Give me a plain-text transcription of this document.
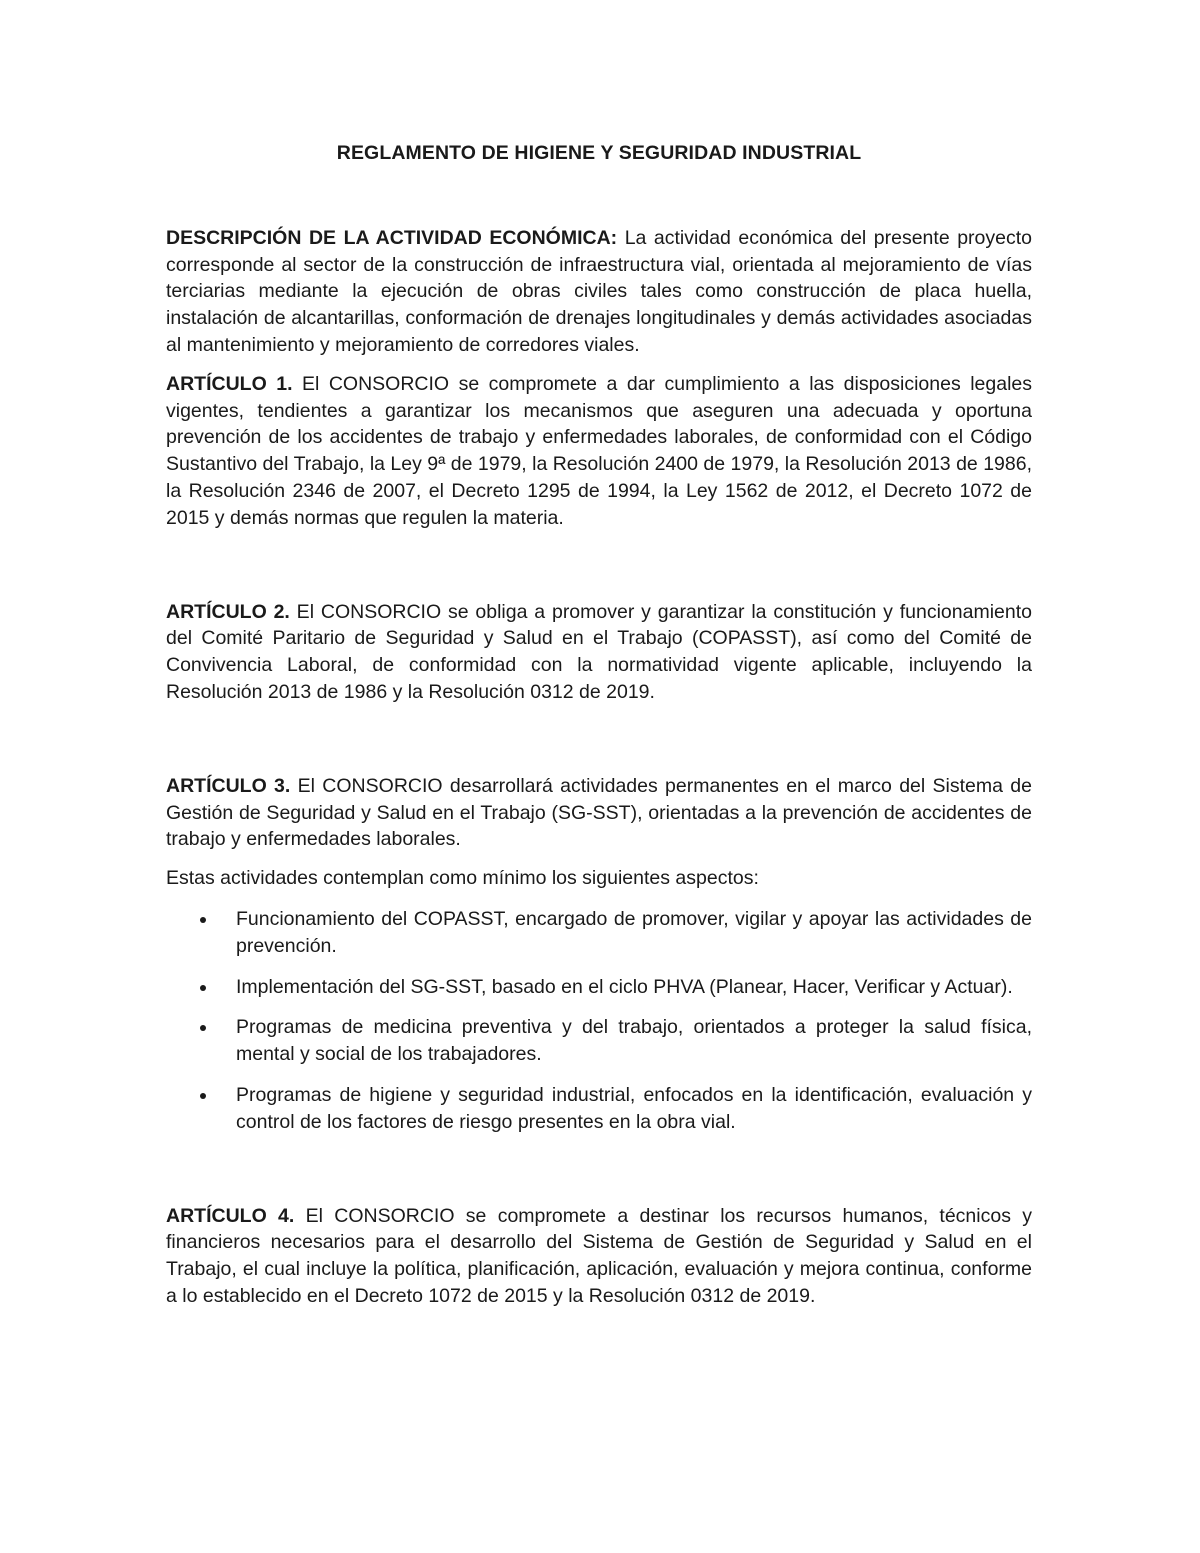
REGLAMENTO DE HIGIENE Y SEGURIDAD INDUSTRIAL

DESCRIPCIÓN DE LA ACTIVIDAD ECONÓMICA: La actividad económica del presente proyecto corresponde al sector de la construcción de infraestructura vial, orientada al mejoramiento de vías terciarias mediante la ejecución de obras civiles tales como construcción de placa huella, instalación de alcantarillas, conformación de drenajes longitudinales y demás actividades asociadas al mantenimiento y mejoramiento de corredores viales.

ARTÍCULO 1. El CONSORCIO se compromete a dar cumplimiento a las disposiciones legales vigentes, tendientes a garantizar los mecanismos que aseguren una adecuada y oportuna prevención de los accidentes de trabajo y enfermedades laborales, de conformidad con el Código Sustantivo del Trabajo, la Ley 9ª de 1979, la Resolución 2400 de 1979, la Resolución 2013 de 1986, la Resolución 2346 de 2007, el Decreto 1295 de 1994, la Ley 1562 de 2012, el Decreto 1072 de 2015 y demás normas que regulen la materia.

ARTÍCULO 2. El CONSORCIO se obliga a promover y garantizar la constitución y funcionamiento del Comité Paritario de Seguridad y Salud en el Trabajo (COPASST), así como del Comité de Convivencia Laboral, de conformidad con la normatividad vigente aplicable, incluyendo la Resolución 2013 de 1986 y la Resolución 0312 de 2019.

ARTÍCULO 3. El CONSORCIO desarrollará actividades permanentes en el marco del Sistema de Gestión de Seguridad y Salud en el Trabajo (SG-SST), orientadas a la prevención de accidentes de trabajo y enfermedades laborales.

Estas actividades contemplan como mínimo los siguientes aspectos:

Funcionamiento del COPASST, encargado de promover, vigilar y apoyar las actividades de prevención.
Implementación del SG-SST, basado en el ciclo PHVA (Planear, Hacer, Verificar y Actuar).
Programas de medicina preventiva y del trabajo, orientados a proteger la salud física, mental y social de los trabajadores.
Programas de higiene y seguridad industrial, enfocados en la identificación, evaluación y control de los factores de riesgo presentes en la obra vial.

ARTÍCULO 4. El CONSORCIO se compromete a destinar los recursos humanos, técnicos y financieros necesarios para el desarrollo del Sistema de Gestión de Seguridad y Salud en el Trabajo, el cual incluye la política, planificación, aplicación, evaluación y mejora continua, conforme a lo establecido en el Decreto 1072 de 2015 y la Resolución 0312 de 2019.
